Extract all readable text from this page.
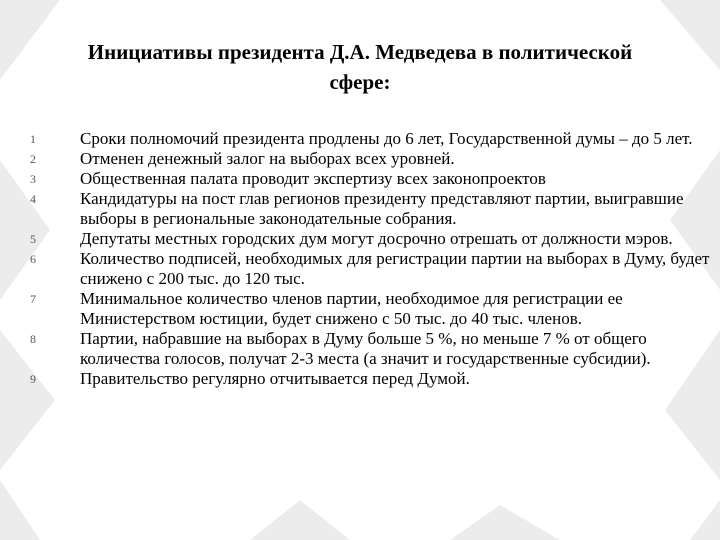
Инициативы президента Д.А. Медведева в политической
сфере:
1	Сроки полномочий президента продлены до 6 лет, Государственной думы – до 5 лет.
2	Отменен денежный залог на выборах всех уровней.
3	Общественная палата проводит экспертизу всех законопроектов
4	Кандидатуры на пост глав регионов президенту представляют партии, выигравшие выборы в региональные законодательные собрания.
5	Депутаты местных городских дум могут досрочно отрешать от должности мэров.
6	Количество подписей, необходимых для регистрации партии на выборах в Думу, будет снижено с 200 тыс. до 120 тыс.
7	Минимальное количество членов партии, необходимое для регистрации ее Министерством юстиции, будет снижено с 50 тыс. до 40 тыс. членов.
8	Партии, набравшие на выборах в Думу больше 5 %, но меньше 7 % от общего количества голосов, получат 2-3 места (а значит и государственные субсидии).
9	Правительство регулярно отчитывается перед Думой.
